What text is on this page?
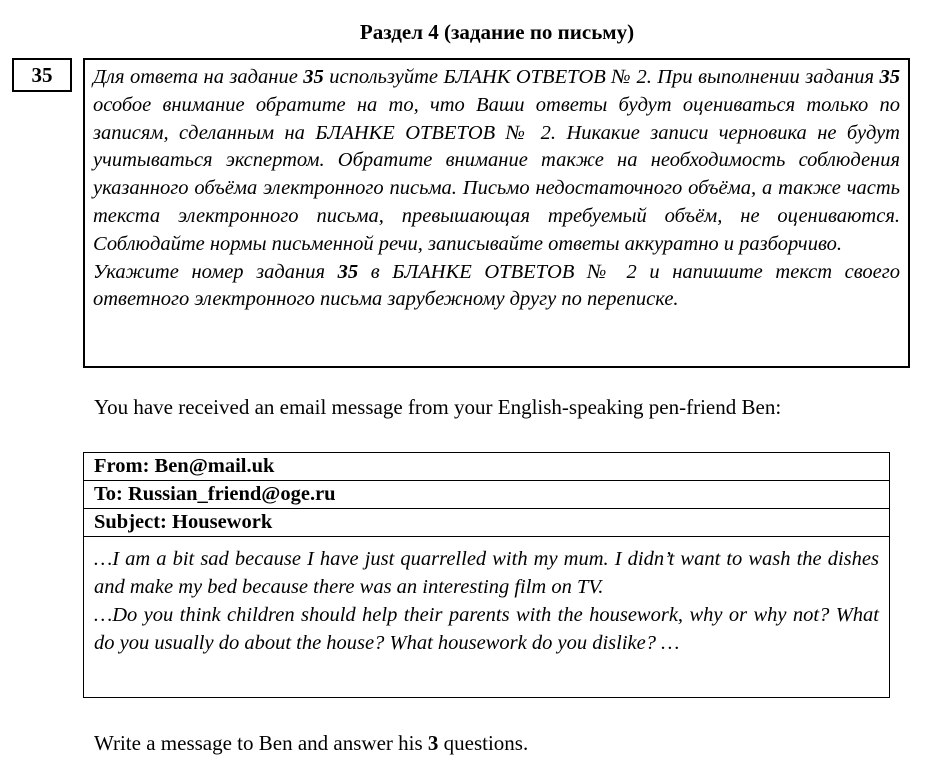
Раздел 4 (задание по письму)
35	Для ответа на задание 35 используйте БЛАНК ОТВЕТОВ № 2. При выполнении задания 35 особое внимание обратите на то, что Ваши ответы будут оцениваться только по записям, сделанным на БЛАНКЕ ОТВЕТОВ № 2. Никакие записи черновика не будут учитываться экспертом. Обратите внимание также на необходимость соблюдения указанного объёма электронного письма. Письмо недостаточного объёма, а также часть текста электронного письма, превышающая требуемый объём, не оцениваются. Соблюдайте нормы письменной речи, записывайте ответы аккуратно и разборчиво.

Укажите номер задания 35 в БЛАНКЕ ОТВЕТОВ № 2 и напишите текст своего ответного электронного письма зарубежному другу по переписке.

You have received an email message from your English-speaking pen-friend Ben:
From: Ben@mail.uk
To: Russian_friend@oge.ru
Subject: Housework

…I am a bit sad because I have just quarrelled with my mum. I didn’t want to wash the dishes and make my bed because there was an interesting film on TV.

…Do you think children should help their parents with the housework, why or why not? What do you usually do about the house? What housework do you dislike? …

Write a message to Ben and answer his 3 questions.
